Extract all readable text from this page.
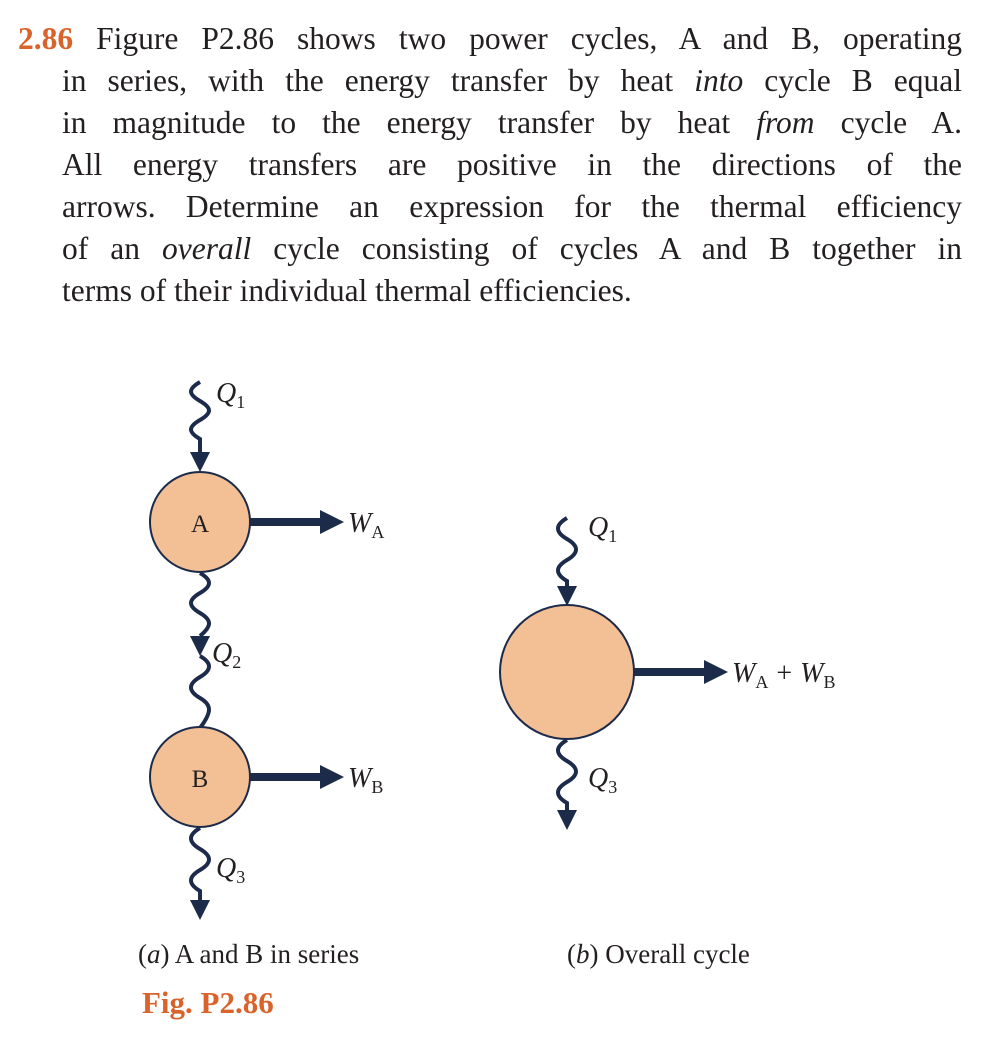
2.86 Figure P2.86 shows two power cycles, A and B, operating
in series, with the energy transfer by heat into cycle B equal
in magnitude to the energy transfer by heat from cycle A.
All energy transfers are positive in the directions of the
arrows. Determine an expression for the thermal efficiency
of an overall cycle consisting of cycles A and B together in
terms of their individual thermal efficiencies.
A
B
$Q_1$
$W_A$
$Q_2$
$W_B$
$Q_3$
$Q_1$
$W_A + W_B$
$Q_3$
(a) A and B in series	(b) Overall cycle
Fig. P2.86
